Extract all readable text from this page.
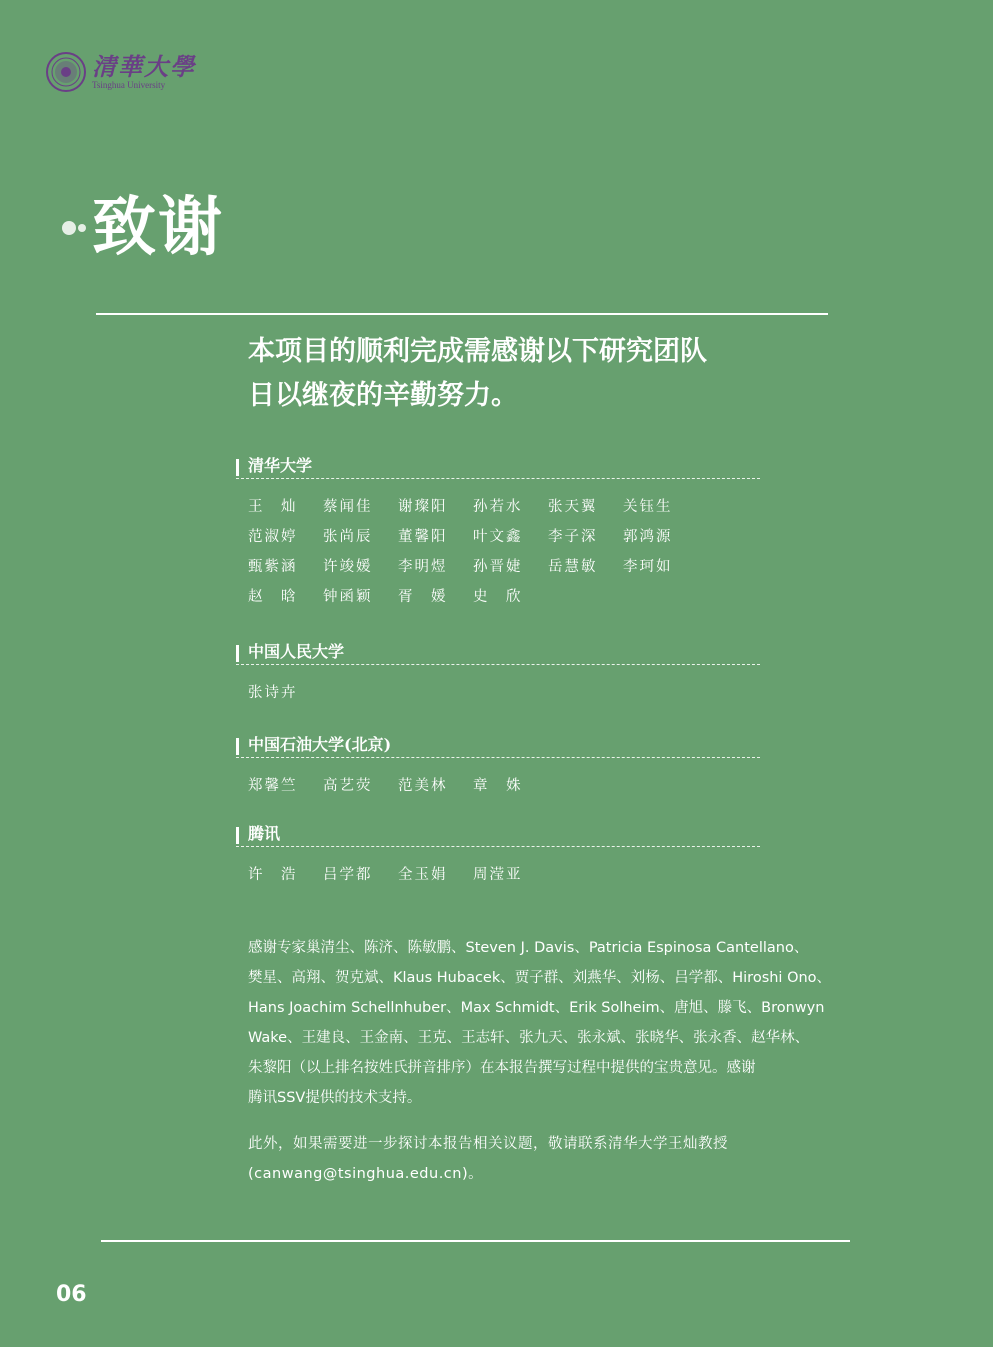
清華大學
Tsinghua University
致谢
本项目的顺利完成需感谢以下研究团队
日以继夜的辛勤努力。
清华大学
王　灿	蔡闻佳	谢璨阳	孙若水	张天翼	关钰生
范淑婷	张尚辰	董馨阳	叶文鑫	李子深	郭鸿源
甄紫涵	许竣媛	李明煜	孙晋婕	岳慧敏	李珂如
赵　晗	钟函颖	胥　媛	史　欣
中国人民大学
张诗卉
中国石油大学(北京)
郑馨竺	高艺荧	范美林	章　姝
腾讯
许　浩	吕学都	全玉娟	周滢亚
感谢专家巢清尘、陈济、陈敏鹏、Steven J. Davis、Patricia Espinosa Cantellano、
樊星、高翔、贺克斌、Klaus Hubacek、贾子群、刘燕华、刘杨、吕学都、Hiroshi Ono、
Hans Joachim Schellnhuber、Max Schmidt、Erik Solheim、唐旭、滕飞、Bronwyn
Wake、王建良、王金南、王克、王志轩、张九天、张永斌、张晓华、张永香、赵华林、
朱黎阳（以上排名按姓氏拼音排序）在本报告撰写过程中提供的宝贵意见。感谢
腾讯SSV提供的技术支持。
此外，如果需要进一步探讨本报告相关议题，敬请联系清华大学王灿教授
(canwang@tsinghua.edu.cn)。
06
